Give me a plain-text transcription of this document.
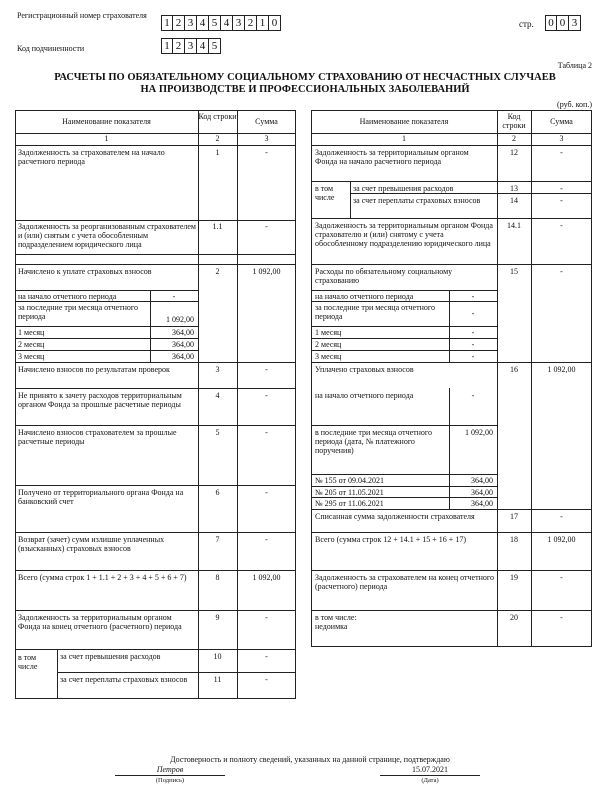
Регистрационный номер страхователя
1 2 3 4 5 4 3 2 1 0	стр. 0 0 3
Код подчиненности	1 2 3 4 5
Таблица 2
РАСЧЕТЫ ПО ОБЯЗАТЕЛЬНОМУ СОЦИАЛЬНОМУ СТРАХОВАНИЮ ОТ НЕСЧАСТНЫХ СЛУЧАЕВ
НА ПРОИЗВОДСТВЕ И ПРОФЕССИОНАЛЬНЫХ ЗАБОЛЕВАНИЙ
(руб. коп.)
Наименование показателя
Код строки
Сумма
1	2	3
Задолженность за страхователем на начало расчетного периода
1	-
Задолженность за реорганизованным страхователем и (или) снятым с учета обособленным подразделением юридического лица
1.1	-
Начислено к уплате страховых взносов	2	1 092,00
на начало отчетного периода	-
за последние три месяца отчетного периода	1 092,00
1 месяц	364,00
2 месяц	364,00
3 месяц	364,00
Начислено взносов по результатам проверок	3	-
Не принято к зачету расходов территориальным органом Фонда за прошлые расчетные периоды
4	-
Начислено взносов страхователем за прошлые расчетные периоды
5	-
Получено от территориального органа Фонда на банковский счет
6	-
Возврат (зачет) сумм излишне уплаченных (взысканных) страховых взносов
7	-
Всего (сумма строк 1 + 1.1 + 2 + 3 + 4 + 5 + 6 + 7)	8	1 092,00
Задолженность за территориальным органом Фонда на конец отчетного (расчетного) периода
9	-
в том числе
за счет превышения расходов	10	-
за счет переплаты страховых взносов	11	-
Наименование показателя
Код строки	Сумма
1	2	3
Задолженность за территориальным органом Фонда на начало расчетного периода
12	-
в том числе
за счет превышения расходов	13	-
за счет переплаты страховых взносов	14	-
Задолженность за территориальным органом Фонда страхователю и (или) снятому с учета обособленному подразделению юридического лица
14.1	-
Расходы по обязательному социальному страхованию
15	-
на начало отчетного периода	-
за последние три месяца отчетного периода	-
1 месяц	-
2 месяц	-
3 месяц	-
Уплачено страховых взносов	16	1 092,00
на начало отчетного периода	-
в последние три месяца отчетного периода (дата, № платежного поручения)
1 092,00
№ 155 от 09.04.2021	364,00
№ 205 от 11.05.2021	364,00
№ 295 от 11.06.2021	364,00
Списанная сумма задолженности страхователя	17	-
Всего (сумма строк 12 + 14.1 + 15 + 16 + 17)	18	1 092,00
Задолженность за страхователем на конец отчетного (расчетного) периода
19	-
в том числе: недоимка
20	-
Достоверность и полноту сведений, указанных на данной странице, подтверждаю
Петров
(Подпись)
15.07.2021
(Дата)
